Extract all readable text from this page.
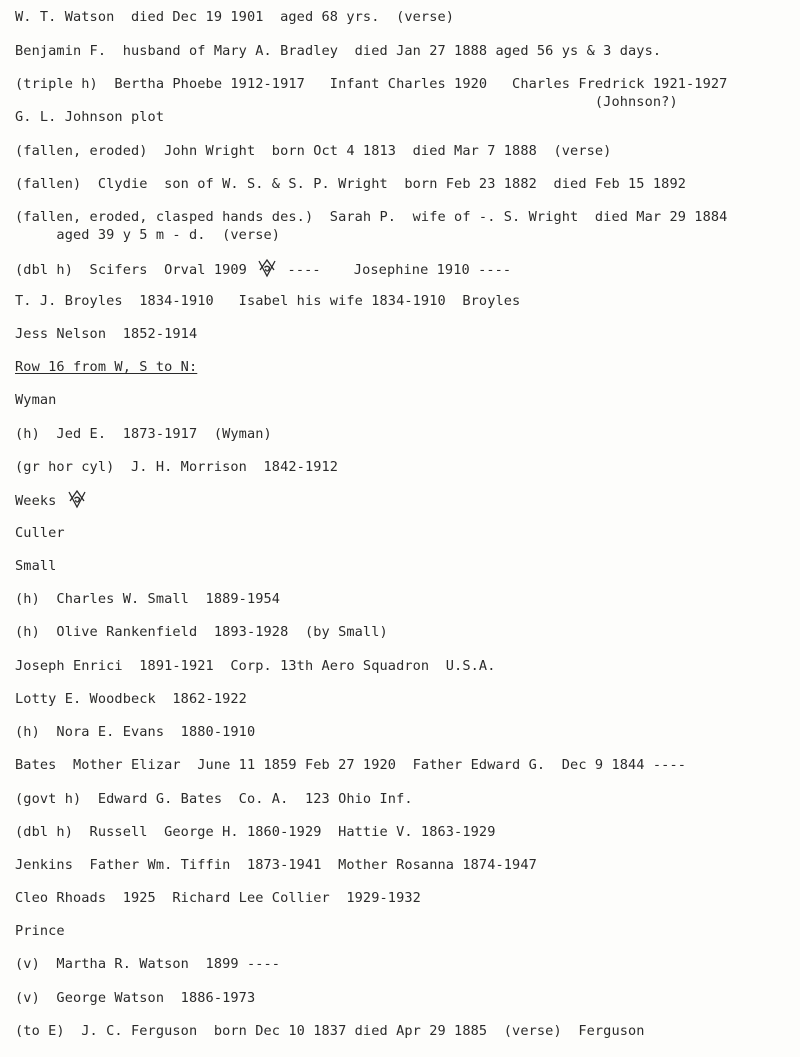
W. T. Watson  died Dec 19 1901  aged 68 yrs.  (verse)
Benjamin F.  husband of Mary A. Bradley  died Jan 27 1888 aged 56 ys & 3 days.
(triple h)  Bertha Phoebe 1912-1917   Infant Charles 1920   Charles Fredrick 1921-1927
(Johnson?)
G. L. Johnson plot
(fallen, eroded)  John Wright  born Oct 4 1813  died Mar 7 1888  (verse)
(fallen)  Clydie  son of W. S. & S. P. Wright  born Feb 23 1882  died Feb 15 1892
(fallen, eroded, clasped hands des.)  Sarah P.  wife of -. S. Wright  died Mar 29 1884
aged 39 y 5 m - d.  (verse)
(dbl h)  Scifers  Orval 1909  ----    Josephine 1910 ----
T. J. Broyles  1834-1910   Isabel his wife 1834-1910  Broyles
Jess Nelson  1852-1914
Row 16 from W, S to N:
Wyman
(h)  Jed E.  1873-1917  (Wyman)
(gr hor cyl)  J. H. Morrison  1842-1912
Weeks
Culler
Small
(h)  Charles W. Small  1889-1954
(h)  Olive Rankenfield  1893-1928  (by Small)
Joseph Enrici  1891-1921  Corp. 13th Aero Squadron  U.S.A.
Lotty E. Woodbeck  1862-1922
(h)  Nora E. Evans  1880-1910
Bates  Mother Elizar  June 11 1859 Feb 27 1920  Father Edward G.  Dec 9 1844 ----
(govt h)  Edward G. Bates  Co. A.  123 Ohio Inf.
(dbl h)  Russell  George H. 1860-1929  Hattie V. 1863-1929
Jenkins  Father Wm. Tiffin  1873-1941  Mother Rosanna 1874-1947
Cleo Rhoads  1925  Richard Lee Collier  1929-1932
Prince
(v)  Martha R. Watson  1899 ----
(v)  George Watson  1886-1973
(to E)  J. C. Ferguson  born Dec 10 1837 died Apr 29 1885  (verse)  Ferguson
